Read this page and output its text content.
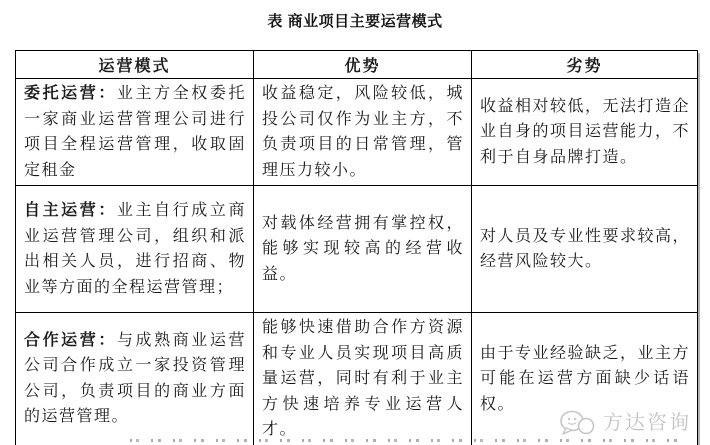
表 商业项目主要运营模式
运营模式	优势	劣势
委托运营：业主方全权委托一家商业运营管理公司进行项目全程运营管理，收取固定租金	收益稳定，风险较低，城投公司仅作为业主方，不负责项目的日常管理，管理压力较小。	收益相对较低，无法打造企业自身的项目运营能力，不利于自身品牌打造。
自主运营：业主自行成立商业运营管理公司，组织和派出相关人员，进行招商、物业等方面的全程运营管理；	对载体经营拥有掌控权，能够实现较高的经营收益。	对人员及专业性要求较高，经营风险较大。
合作运营：与成熟商业运营公司合作成立一家投资管理公司，负责项目的商业方面的运营管理。	能够快速借助合作方资源和专业人员实现项目高质量运营，同时有利于业主方快速培养专业运营人才。	由于专业经验缺乏，业主方可能在运营方面缺少话语权。
方达咨询
